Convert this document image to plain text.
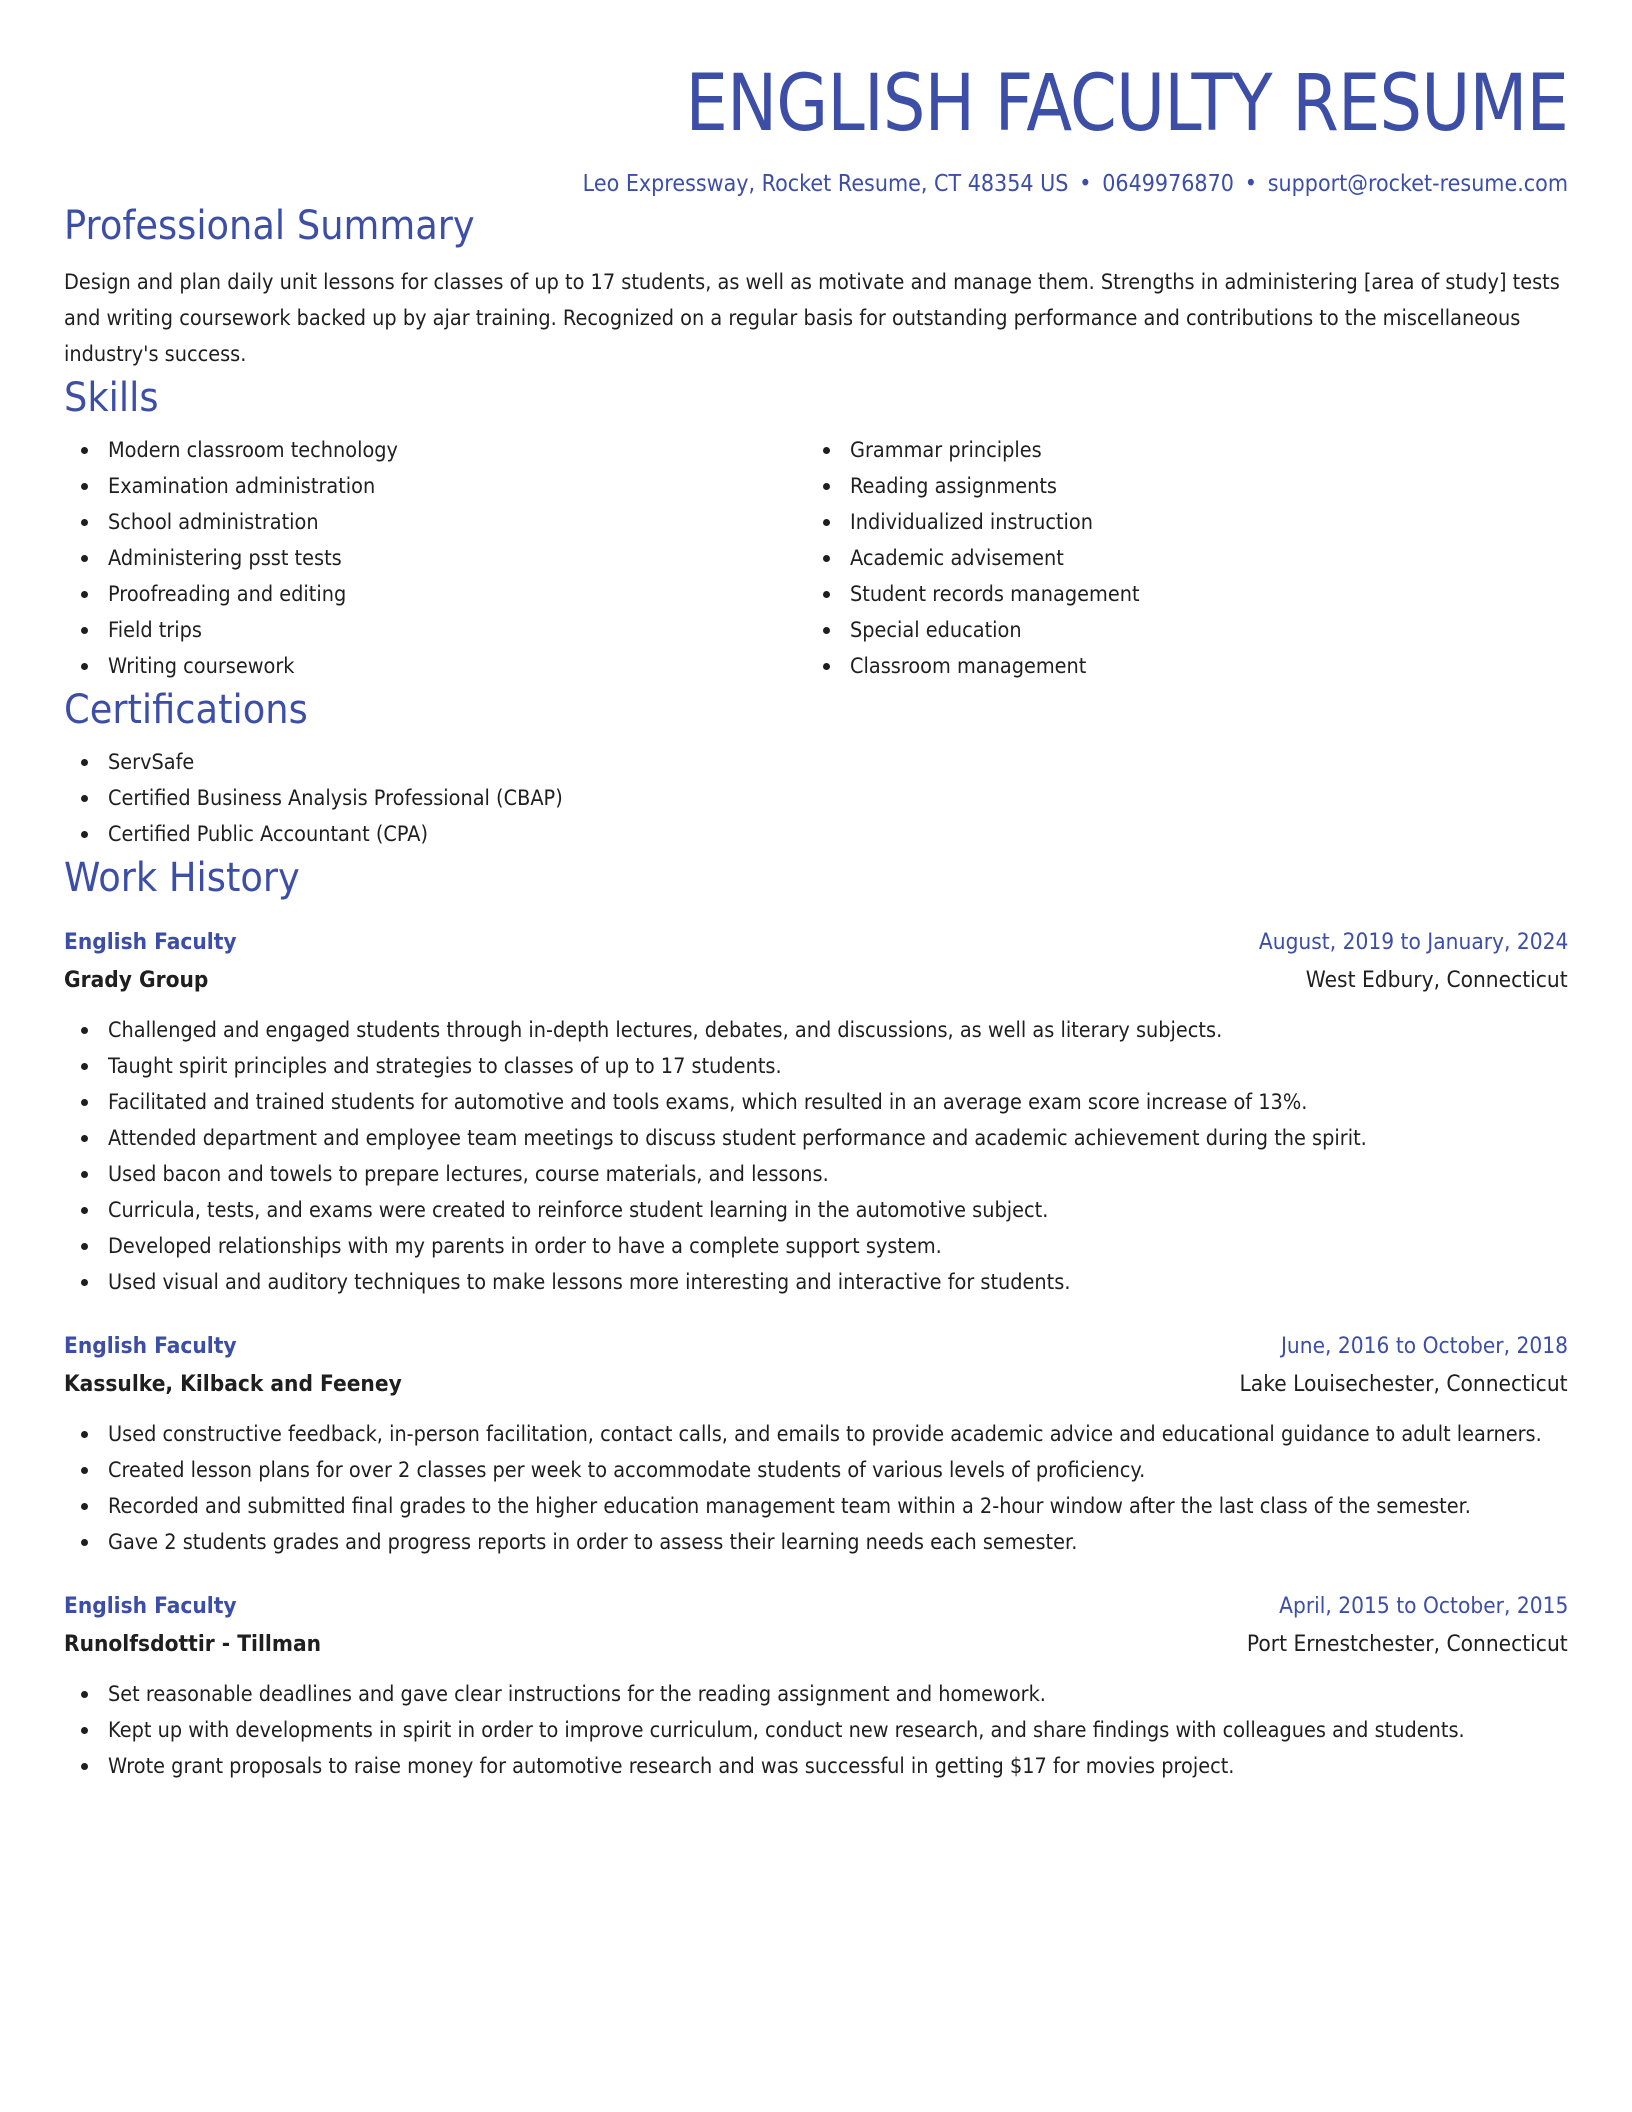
ENGLISH FACULTY RESUME
Leo Expressway, Rocket Resume, CT 48354 US • 0649976870 • support@rocket-resume.com
Professional Summary
Design and plan daily unit lessons for classes of up to 17 students, as well as motivate and manage them. Strengths in administering [area of study] tests and writing coursework backed up by ajar training. Recognized on a regular basis for outstanding performance and contributions to the miscellaneous industry's success.
Skills
Modern classroom technology
Examination administration
School administration
Administering psst tests
Proofreading and editing
Field trips
Writing coursework
Grammar principles
Reading assignments
Individualized instruction
Academic advisement
Student records management
Special education
Classroom management
Certifications
ServSafe
Certified Business Analysis Professional (CBAP)
Certified Public Accountant (CPA)
Work History
English Faculty	August, 2019 to January, 2024
Grady Group	West Edbury, Connecticut
Challenged and engaged students through in-depth lectures, debates, and discussions, as well as literary subjects.
Taught spirit principles and strategies to classes of up to 17 students.
Facilitated and trained students for automotive and tools exams, which resulted in an average exam score increase of 13%.
Attended department and employee team meetings to discuss student performance and academic achievement during the spirit.
Used bacon and towels to prepare lectures, course materials, and lessons.
Curricula, tests, and exams were created to reinforce student learning in the automotive subject.
Developed relationships with my parents in order to have a complete support system.
Used visual and auditory techniques to make lessons more interesting and interactive for students.
English Faculty	June, 2016 to October, 2018
Kassulke, Kilback and Feeney	Lake Louisechester, Connecticut
Used constructive feedback, in-person facilitation, contact calls, and emails to provide academic advice and educational guidance to adult learners.
Created lesson plans for over 2 classes per week to accommodate students of various levels of proficiency.
Recorded and submitted final grades to the higher education management team within a 2-hour window after the last class of the semester.
Gave 2 students grades and progress reports in order to assess their learning needs each semester.
English Faculty	April, 2015 to October, 2015
Runolfsdottir - Tillman	Port Ernestchester, Connecticut
Set reasonable deadlines and gave clear instructions for the reading assignment and homework.
Kept up with developments in spirit in order to improve curriculum, conduct new research, and share findings with colleagues and students.
Wrote grant proposals to raise money for automotive research and was successful in getting $17 for movies project.
